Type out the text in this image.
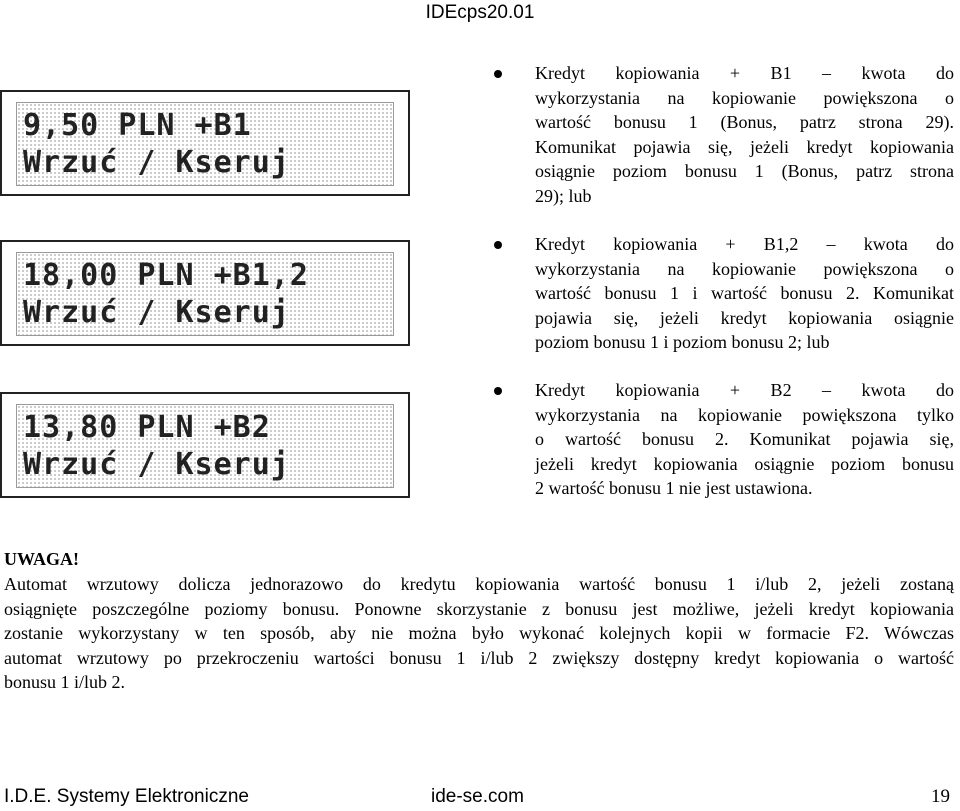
IDEcps20.01
9,50 PLN +B1
Wrzuć / Kseruj
18,00 PLN +B1,2
Wrzuć / Kseruj
13,80 PLN +B2
Wrzuć / Kseruj
Kredyt kopiowania + B1 – kwota do
wykorzystania na kopiowanie powiększona o
wartość bonusu 1 (Bonus, patrz strona 29).
Komunikat pojawia się, jeżeli kredyt kopiowania
osiągnie poziom bonusu 1 (Bonus, patrz strona
29); lub
Kredyt kopiowania + B1,2 – kwota do
wykorzystania na kopiowanie powiększona o
wartość bonusu 1 i wartość bonusu 2. Komunikat
pojawia się, jeżeli kredyt kopiowania osiągnie
poziom bonusu 1 i poziom bonusu 2; lub
Kredyt kopiowania + B2 – kwota do
wykorzystania na kopiowanie powiększona tylko
o wartość bonusu 2. Komunikat pojawia się,
jeżeli kredyt kopiowania osiągnie poziom bonusu
2 wartość bonusu 1 nie jest ustawiona.
UWAGA!
Automat wrzutowy dolicza jednorazowo do kredytu kopiowania wartość bonusu 1 i/lub 2, jeżeli zostaną
osiągnięte poszczególne poziomy bonusu. Ponowne skorzystanie z bonusu jest możliwe, jeżeli kredyt kopiowania
zostanie wykorzystany w ten sposób, aby nie można było wykonać kolejnych kopii w formacie F2. Wówczas
automat wrzutowy po przekroczeniu wartości bonusu 1 i/lub 2 zwiększy dostępny kredyt kopiowania o wartość
bonusu 1 i/lub 2.
I.D.E. Systemy Elektroniczne	ide-se.com	19
